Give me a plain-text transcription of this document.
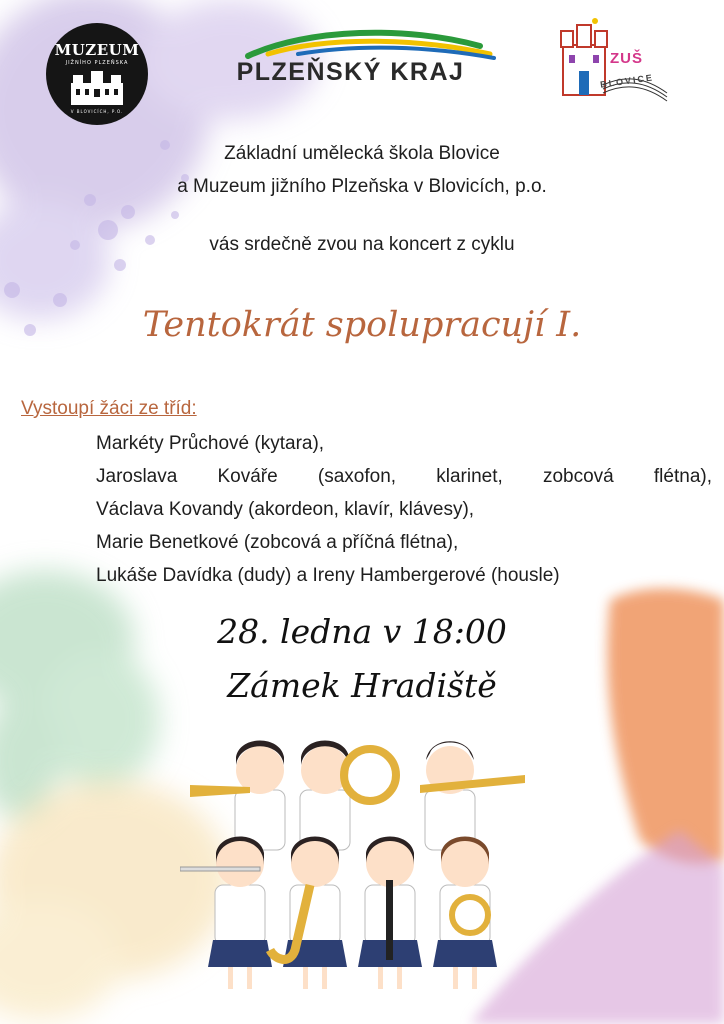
MUZEUM
JIŽNÍHO PLZEŇSKA
V BLOVICÍCH, P.O.
PLZEŇSKÝ KRAJ	ZUŠ
BLOVICE
Základní umělecká škola Blovice
a Muzeum jižního Plzeňska v Blovicích, p.o.
vás srdečně zvou na koncert z cyklu
Tentokrát spolupracují I.
Vystoupí žáci ze tříd:
Markéty Průchové (kytara),
Jaroslava Kováře (saxofon, klarinet, zobcová flétna),
Václava Kovandy (akordeon, klavír, klávesy),
Marie Benetkové (zobcová a příčná flétna),
Lukáše Davídka (dudy) a Ireny Hambergerové (housle)
28. ledna v 18:00
Zámek Hradiště
